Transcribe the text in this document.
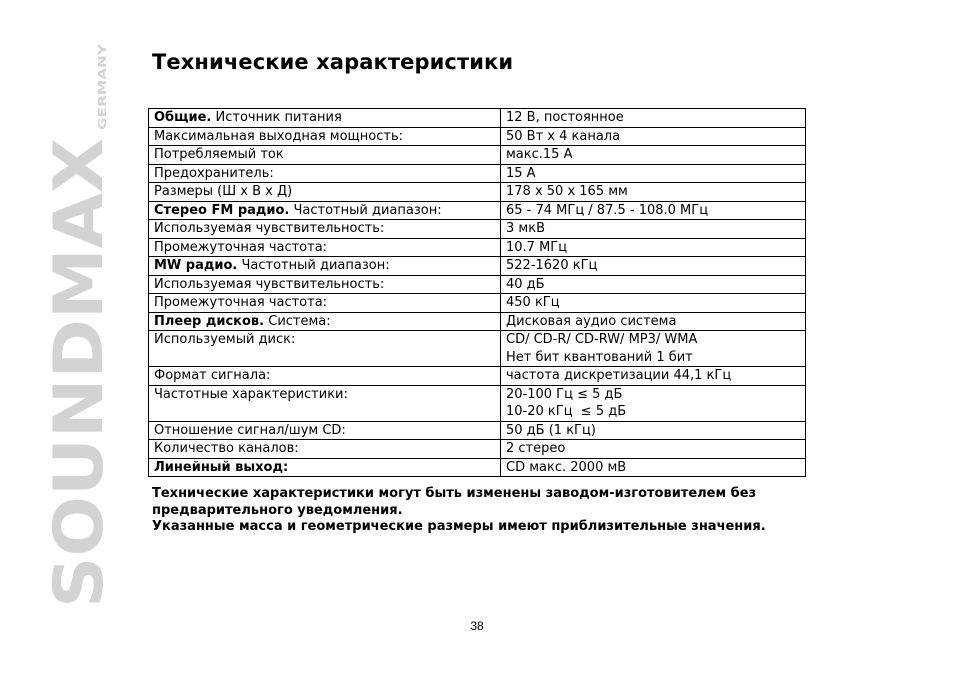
SOUNDMAX
GERMANY
Технические характеристики
Общие. Источник питания	12 В, постоянное

Максимальная выходная мощность:	50 Вт х 4 канала

Потребляемый ток	макс.15 А

Предохранитель:	15 А

Размеры (Ш х В х Д)	178 х 50 х 165 мм

Стерео FM радио. Частотный диапазон:	65 - 74 МГц / 87.5 - 108.0 МГц

Используемая чувствительность:	3 мкВ

Промежуточная частота:	10.7 МГц

MW радио. Частотный диапазон:	522-1620 кГц

Используемая чувствительность:	40 дБ

Промежуточная частота:	450 кГц

Плеер дисков. Система:	Дисковая аудио система

Используемый диск:	CD/ CD-R/ CD-RW/ MP3/ WMA
Нет бит квантований 1 бит

Формат сигнала:	частота дискретизации 44,1 кГц

Частотные характеристики:	20-100 Гц ≤ 5 дБ
10-20 кГц  ≤ 5 дБ

Отношение сигнал/шум CD:	50 дБ (1 кГц)

Количество каналов:	2 стерео

Линейный выход:	CD макс. 2000 мВ
Технические характеристики могут быть изменены заводом-изготовителем без
предварительного уведомления.
Указанные масса и геометрические размеры имеют приблизительные значения.
38
